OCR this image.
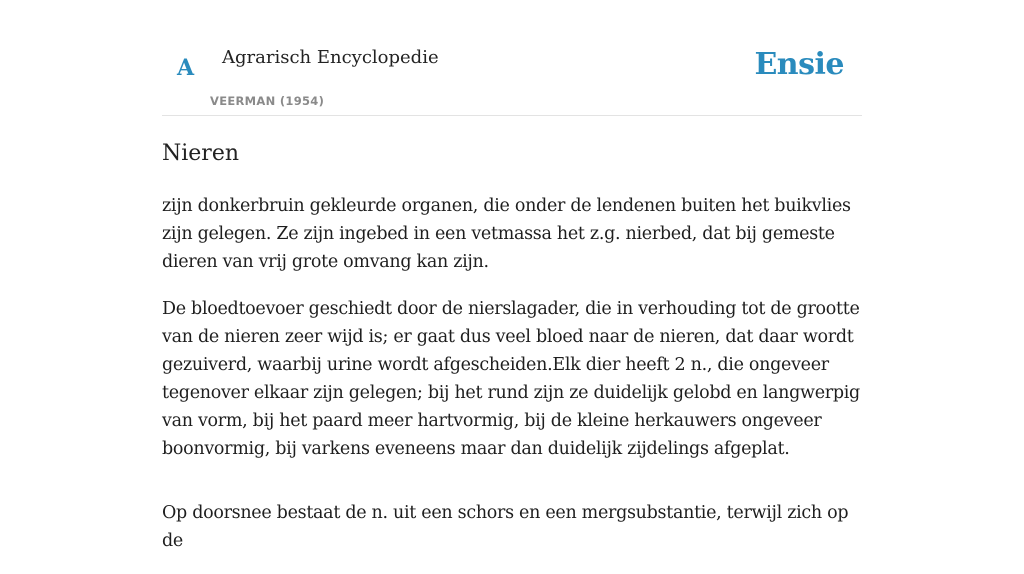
A Agrarisch Encyclopedie
VEERMAN (1954)
Ensie
Nieren

zijn donkerbruin gekleurde organen, die onder de lendenen buiten het buikvlies zijn gelegen. Ze zijn ingebed in een vetmassa het z.g. nierbed, dat bij gemeste dieren van vrij grote omvang kan zijn.

De bloedtoevoer geschiedt door de nierslagader, die in verhouding tot de grootte van de nieren zeer wijd is; er gaat dus veel bloed naar de nieren, dat daar wordt gezuiverd, waarbij urine wordt afgescheiden.Elk dier heeft 2 n., die ongeveer tegenover elkaar zijn gelegen; bij het rund zijn ze duidelijk gelobd en langwerpig van vorm, bij het paard meer hartvormig, bij de kleine herkauwers ongeveer boonvormig, bij varkens eveneens maar dan duidelijk zijdelings afgeplat.

Op doorsnee bestaat de n. uit een schors en een mergsubstantie, terwijl zich op de
